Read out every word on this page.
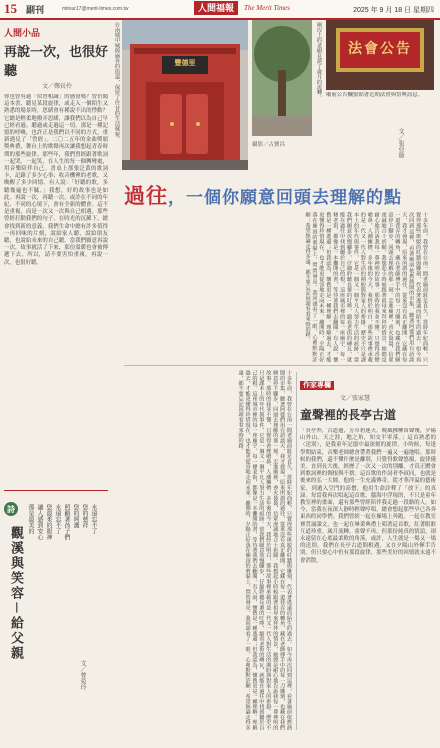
15 副刊	mitour17@merit-times.com.tw	人間福報	The Merit Times	2025 年 9 月 18 日 星期四
人間小品
再說一次，也很好聽
文／鄭長伶
你也曾有過「似曾相識」的感覺嗎？曾仍聞這本書、聽見某段旋律，或走入一個陌生又熟悉的場景時，思緒會有種說不出的悸動？它總是輕柔地撥弄思緒，讓我們以為自己早已經看過、聽過或走過這一切。那是一種記憶的呼喚，也許正是我們以不同的方式，重新遇見了「曾經」。二〇二五年的金曲獎頒獎典禮，舞台上的歌聲再次讓我想起青春時期的那些旋律。那些年，我們曾經跟著歌詞一起哭、一起笑，在人生的每一個轉彎處，用音樂陪伴自己。書桌上那張泛黃的歌詞卡，記錄了多少心事；收音機裡的老歌，又喚醒了多少回憶。有人說：「好聽的歌，多聽幾遍也不膩。」我想，好的故事也是如此。再說一次，再聽一次，或許在不同的年紀、不同的心境下，會有全新的體會。這不是重複，而是一次又一次與自己相遇。那些曾經打動我們的句子，在時光的沉澱下，總會找到新的意義。我們生命中總有許多值得一再回味的片刻，說給家人聽，說給朋友聽，也說給未來的自己聽。當我們願意再說一次，故事就活了下來，那份溫暖也會被傳遞下去。所以，請不要害怕重複。再說一次，也很好聽。
詩
觀溪與笑容－給父親
永遠忘不了
您的慈祥
您的呵護
照顧著孩子們
永遠忘不了
您溫柔的眼神
讓人感到安心
那是最美的
文／曾菀玲
豐德里
台南城中城隍廟外的街道，保留了往昔的生活樣貌。
攝影／古寶昌
廟埕上的老樹見證了歲月的流轉。	法會公告
廟前公告欄張貼著近期法會與祭典訊息。
過往，一個你願意回頭去理解的點
文／張亞璇
十多年前，我曾在台南一間老廟前駐足良久。當時年紀尚輕，只覺得那些斑駁的紅牆與雕刻，代表著遙遠而陌生的過去。如今再次回到這裡，看著廟前依舊熱鬧的市集，聽著阿婆們用台語談天，我才發現，原來所謂的過往，從來沒有真正離開。它藏在每一道巷弄的轉角，藏在老師傅手中的每一刀雕刻，也藏在我們願意停下腳步、回頭去理解的那一刻。走進廟裡，香火裊裊，信眾虔誠地合十祈願。我想起小時候跟著祖母來拜拜的情景，她總是耐心地告訴我每一尊神明的故事。那時的我並不懂，只覺得香煙嗆鼻，人潮擁擠。多年後的今天，我終於明白，那些故事裡承載的是一代又一代人對生活的期盼與對家人的牽掛。歷史不只是課本上的年代與事件，它是一個又一個平凡人努力生活的痕跡。當我們願意放慢腳步，仔細聆聽長輩的叮嚀，細看老街的磚瓦，就能在過往中找到屬於自己的根。這座城市裡的每一座廟宇、每一條老街，都像是一本攤開的書，等待著我們去翻閱。有人說，懷舊是一種逃避；但我認為，懷舊更是一種理解。理解過去，才能更懂得珍惜現在，也才能更從容地走向未來。離開時，夕陽正好落在廟頂的剪黏上，閃閃發亮。我回頭看了一眼，心裡默默許願：希望無論走得多遠，都不要忘記回頭看看來時的路。
十多年前，我曾在台南一間老廟前駐足良久。當時年紀尚輕，只覺得那些斑駁的紅牆與雕刻，代表著遙遠而陌生的過去。如今再次回到這裡，看著廟前依舊熱鬧的市集，聽著阿婆們用台語談天，我才發現，原來所謂的過往，從來沒有真正離開。它藏在每一道巷弄的轉角，藏在老師傅手中的每一刀雕刻，也藏在我們願意停下腳步、回頭去理解的那一刻。走進廟裡，香火裊裊，信眾虔誠地合十祈願。我想起小時候跟著祖母來拜拜的情景，她總是耐心地告訴我每一尊神明的故事。那時的我並不懂，只覺得香煙嗆鼻，人潮擁擠。多年後的今天，我終於明白，那些故事裡承載的是一代又一代人對生活的期盼與對家人的牽掛。歷史不只是課本上的年代與事件，它是一個又一個平凡人努力生活的痕跡。當我們願意放慢腳步，仔細聆聽長輩的叮嚀，細看老街的磚瓦，就能在過往中找到屬於自己的根。這座城市裡的每一座廟宇、每一條老街，都像是一本攤開的書，等待著我們去翻閱。有人說，懷舊是一種逃避；但我認為，懷舊更是一種理解。理解過去，才能更懂得珍惜現在，也才能更從容地走向未來。離開時，夕陽正好落在廟頂的剪黏上，閃閃發亮。我回頭看了一眼，心裡默默許願：希望無論走得多遠，都不要忘記回頭看看來時的路。	作家專欄
文／張家慧
童聲裡的長亭古道
「長亭外，古道邊，芳草碧連天。晚風拂柳笛聲殘，夕陽山外山。天之涯，地之角，知交半零落。」這首熟悉的〈送別〉，是我童年記憶中最深刻的旋律。小時候，每逢學期結束，音樂老師總會帶著我們一遍又一遍地唱。那時候的我們，還不懂什麼是離別，只覺得歌聲悠揚，旋律優美。直到長大後，經歷了一次又一次的別離，才真正體會到歌詞裡的惆悵與不捨。這首歌的作詞者李叔同，也就是後來的弘一大師，他的一生充滿傳奇。從才華洋溢的藝術家，到遁入空門的高僧，他用生命詮釋了「放下」的真諦。每當我再次唱起這首歌，腦海中浮現的，不只是童年教室裡的畫面，還有那些曾經陪伴我走過一段路的人。如今，當我在夜深人靜時輕聲哼唱，總會想起那些早已各奔東西的同學們。我們曾經一起在操場上奔跑，一起在教室裡背誦課文，也一起在畢業典禮上唱著這首歌，紅著眼眶互道珍重。歲月流轉，童聲不再，但那份純真的情誼，卻永遠留在心底最柔軟的角落。或許，人生就是一場又一場的送別。我們在長亭古道間相遇，又在夕陽山外揮手告別。但只要心中仍有那段旋律，那些美好的回憶就永遠不會消散。
